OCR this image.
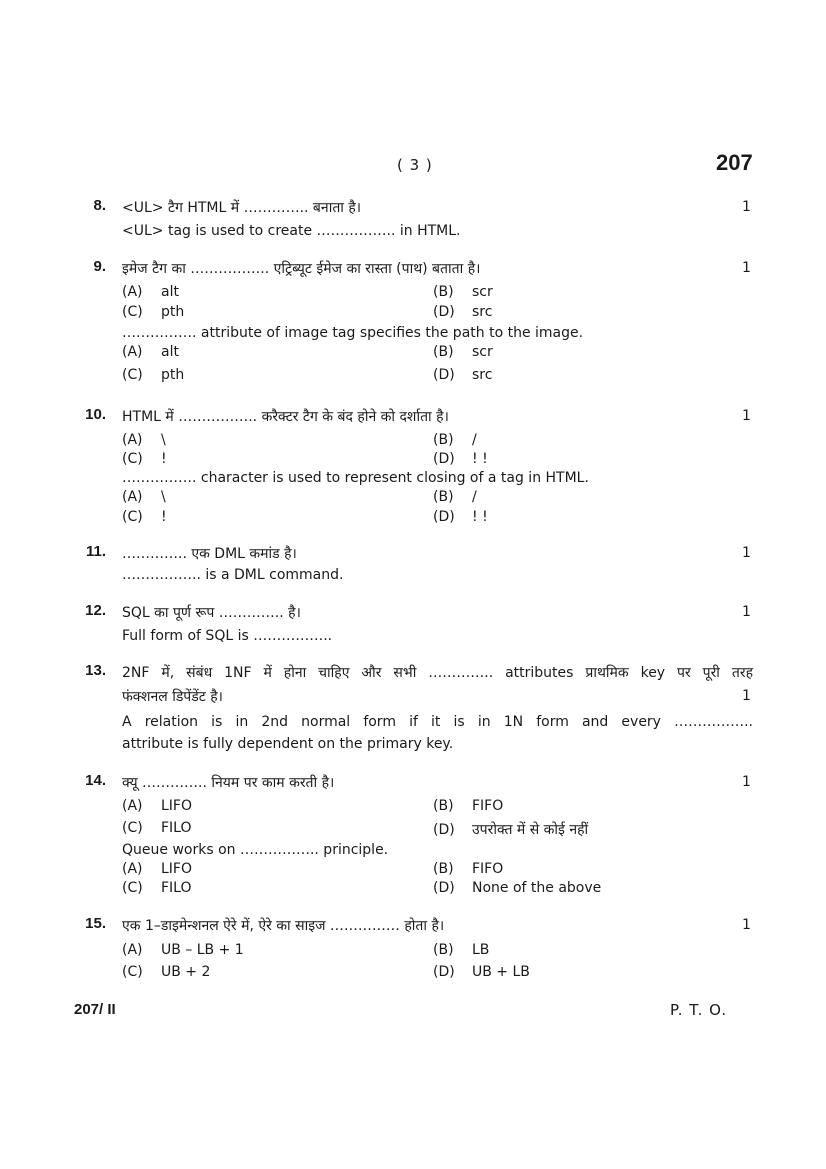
( 3 )	207
8. <UL> टैग HTML में ………….. बनाता है।	1
<UL> tag is used to create …………….. in HTML.
9. इमेज टैग का …………….. एट्रिब्यूट ईमेज का रास्ता (पाथ) बताता है।	1
(A) alt	(B) scr
(C) pth	(D) src
……………. attribute of image tag specifies the path to the image.
(A) alt	(B) scr
(C) pth	(D) src
10. HTML में …………….. करैक्टर टैग के बंद होने को दर्शाता है।	1
(A) \	(B) /
(C) !	(D) ! !
……………. character is used to represent closing of a tag in HTML.
(A) \	(B) /
(C) !	(D) ! !
11. ………….. एक DML कमांड है।	1
…………….. is a DML command.
12. SQL का पूर्ण रूप ………….. है।	1
Full form of SQL is ……………..
13. 2NF में, संबंध 1NF में होना चाहिए और सभी ………….. attributes प्राथमिक key पर पूरी तरह
फंक्शनल डिपेंडेंट है।	1
A relation is in 2nd normal form if it is in 1N form and every ……………..
attribute is fully dependent on the primary key.
14. क्यू ………….. नियम पर काम करती है।	1
(A) LIFO	(B) FIFO
(C) FILO	(D) उपरोक्त में से कोई नहीं
Queue works on …………….. principle.
(A) LIFO	(B) FIFO
(C) FILO	(D) None of the above
15. एक 1–डाइमेन्शनल ऐरे में, ऐरे का साइज …………… होता है।	1
(A) UB – LB + 1	(B) LB
(C) UB + 2	(D) UB + LB
207/ II	P. T. O.
